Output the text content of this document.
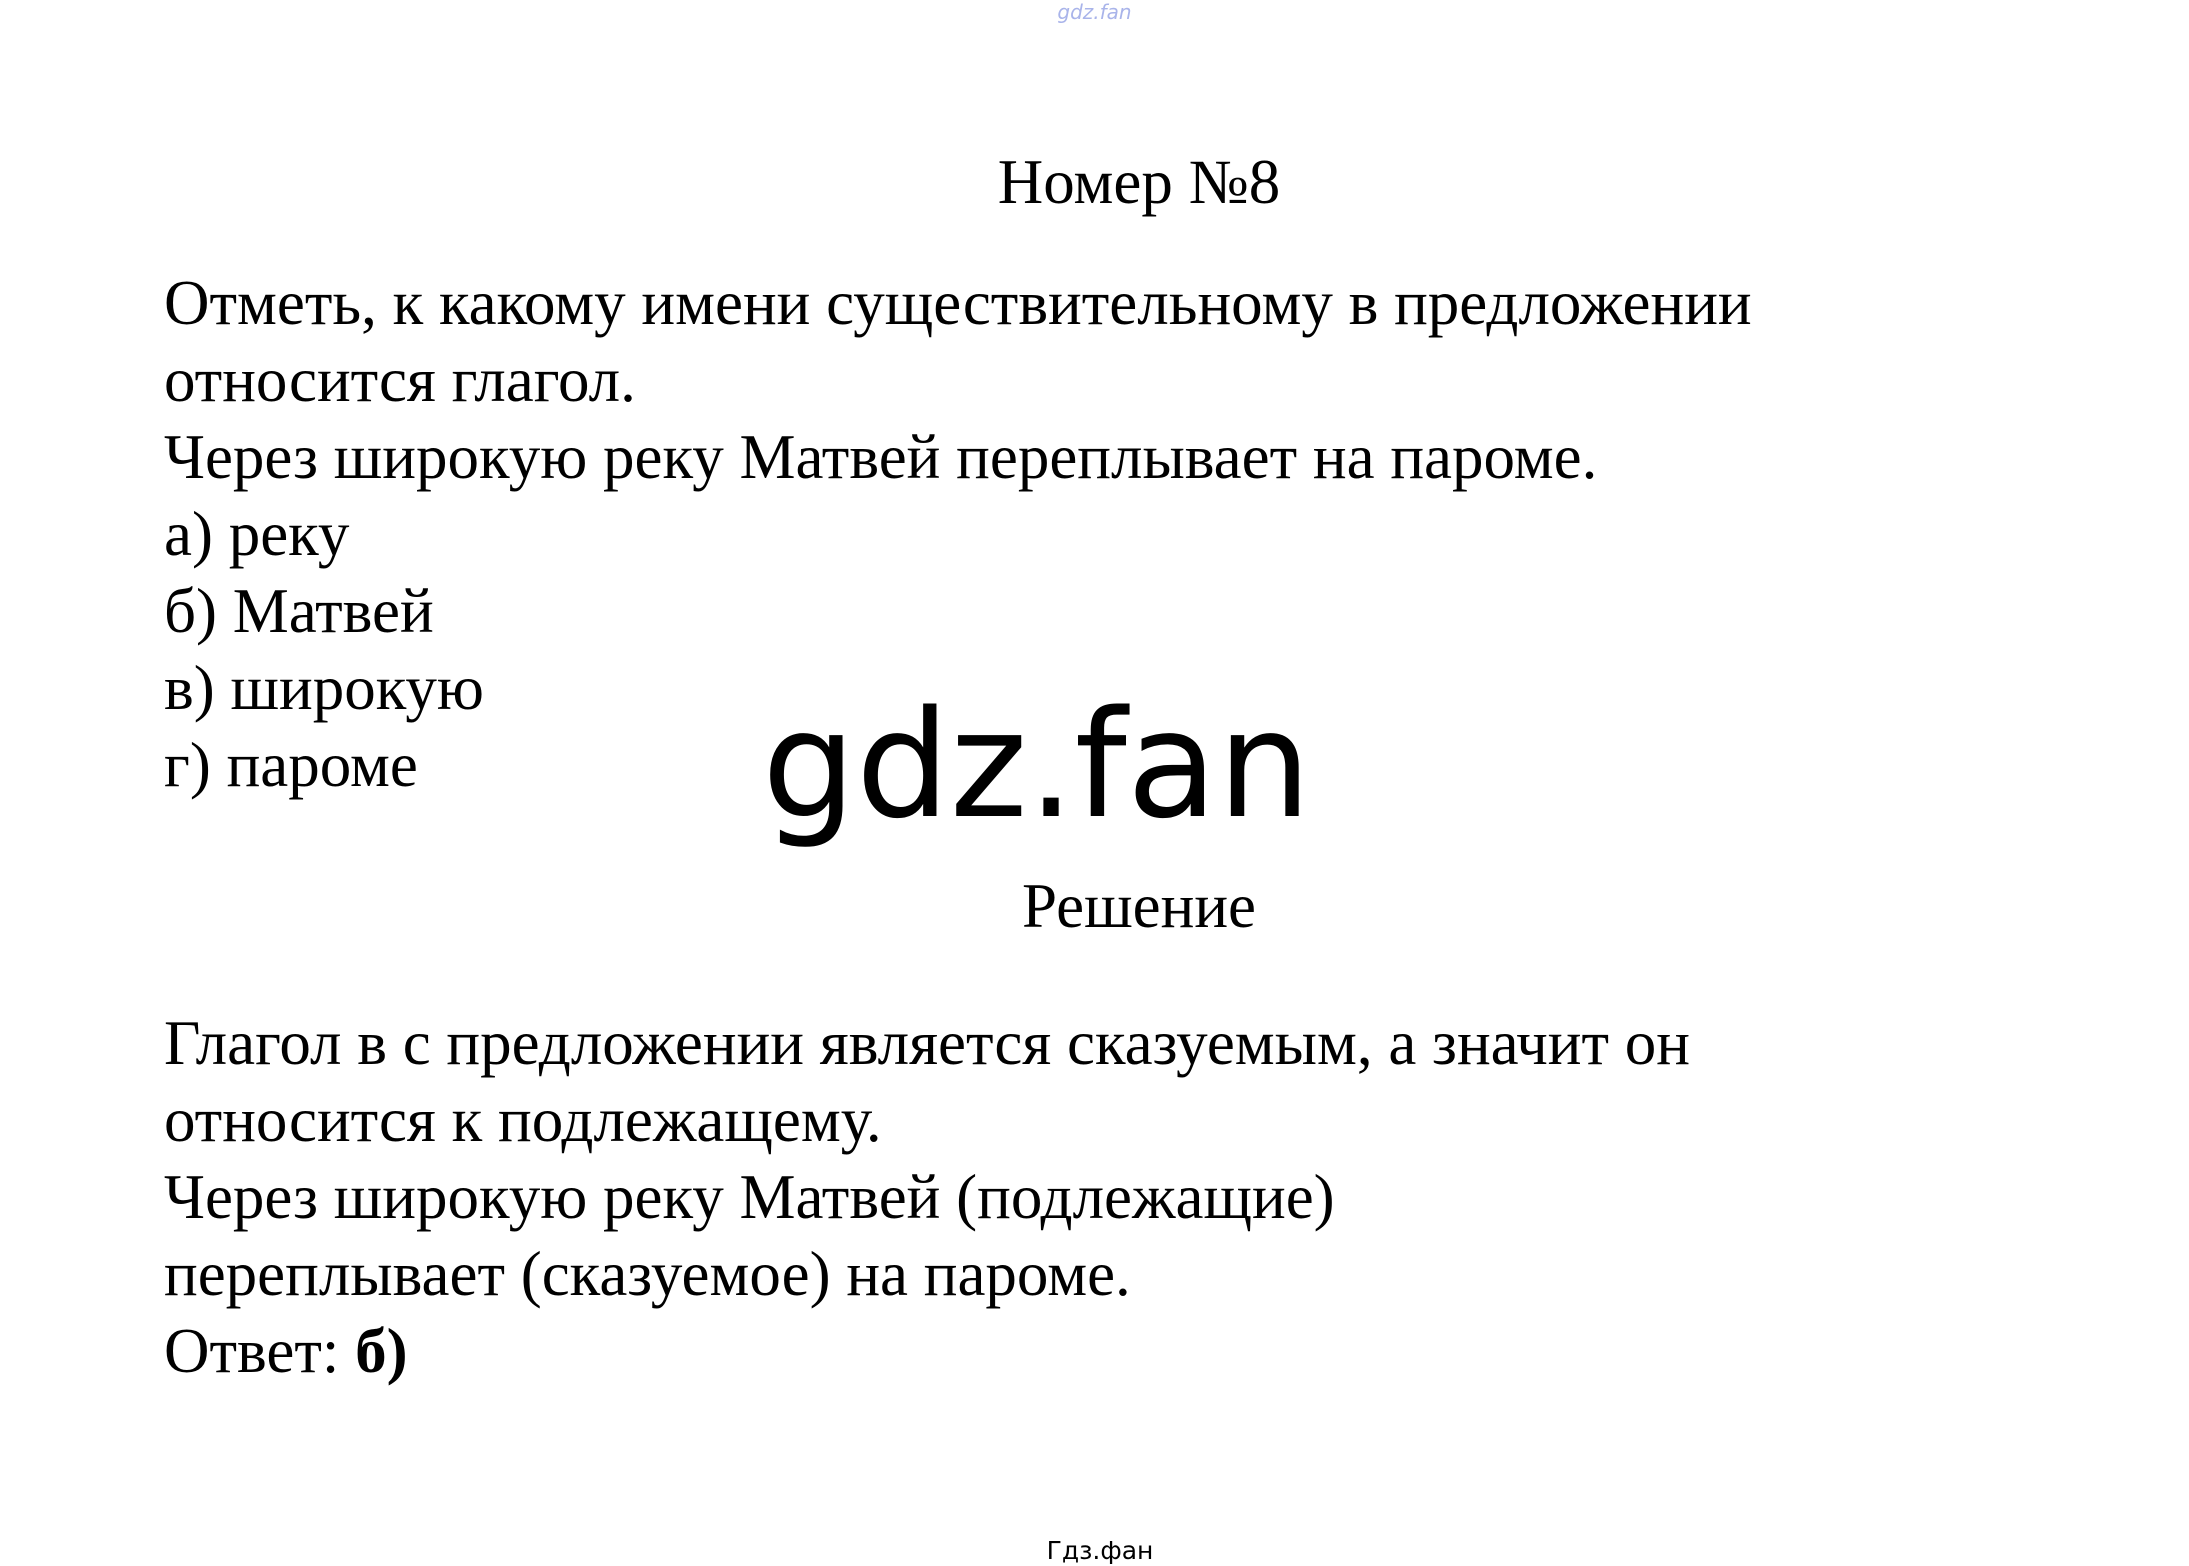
gdz.fan
Номер №8
Отметь, к какому имени существительному в предложении
относится глагол.
Через широкую реку Матвей переплывает на пароме.
а) реку
б) Матвей
в) широкую
г) пароме	gdz.fan
Решение
Глагол в с предложении является сказуемым, а значит он
относится к подлежащему.
Через широкую реку Матвей (подлежащие)
переплывает (сказуемое) на пароме.
Ответ: б)
Гдз.фан
